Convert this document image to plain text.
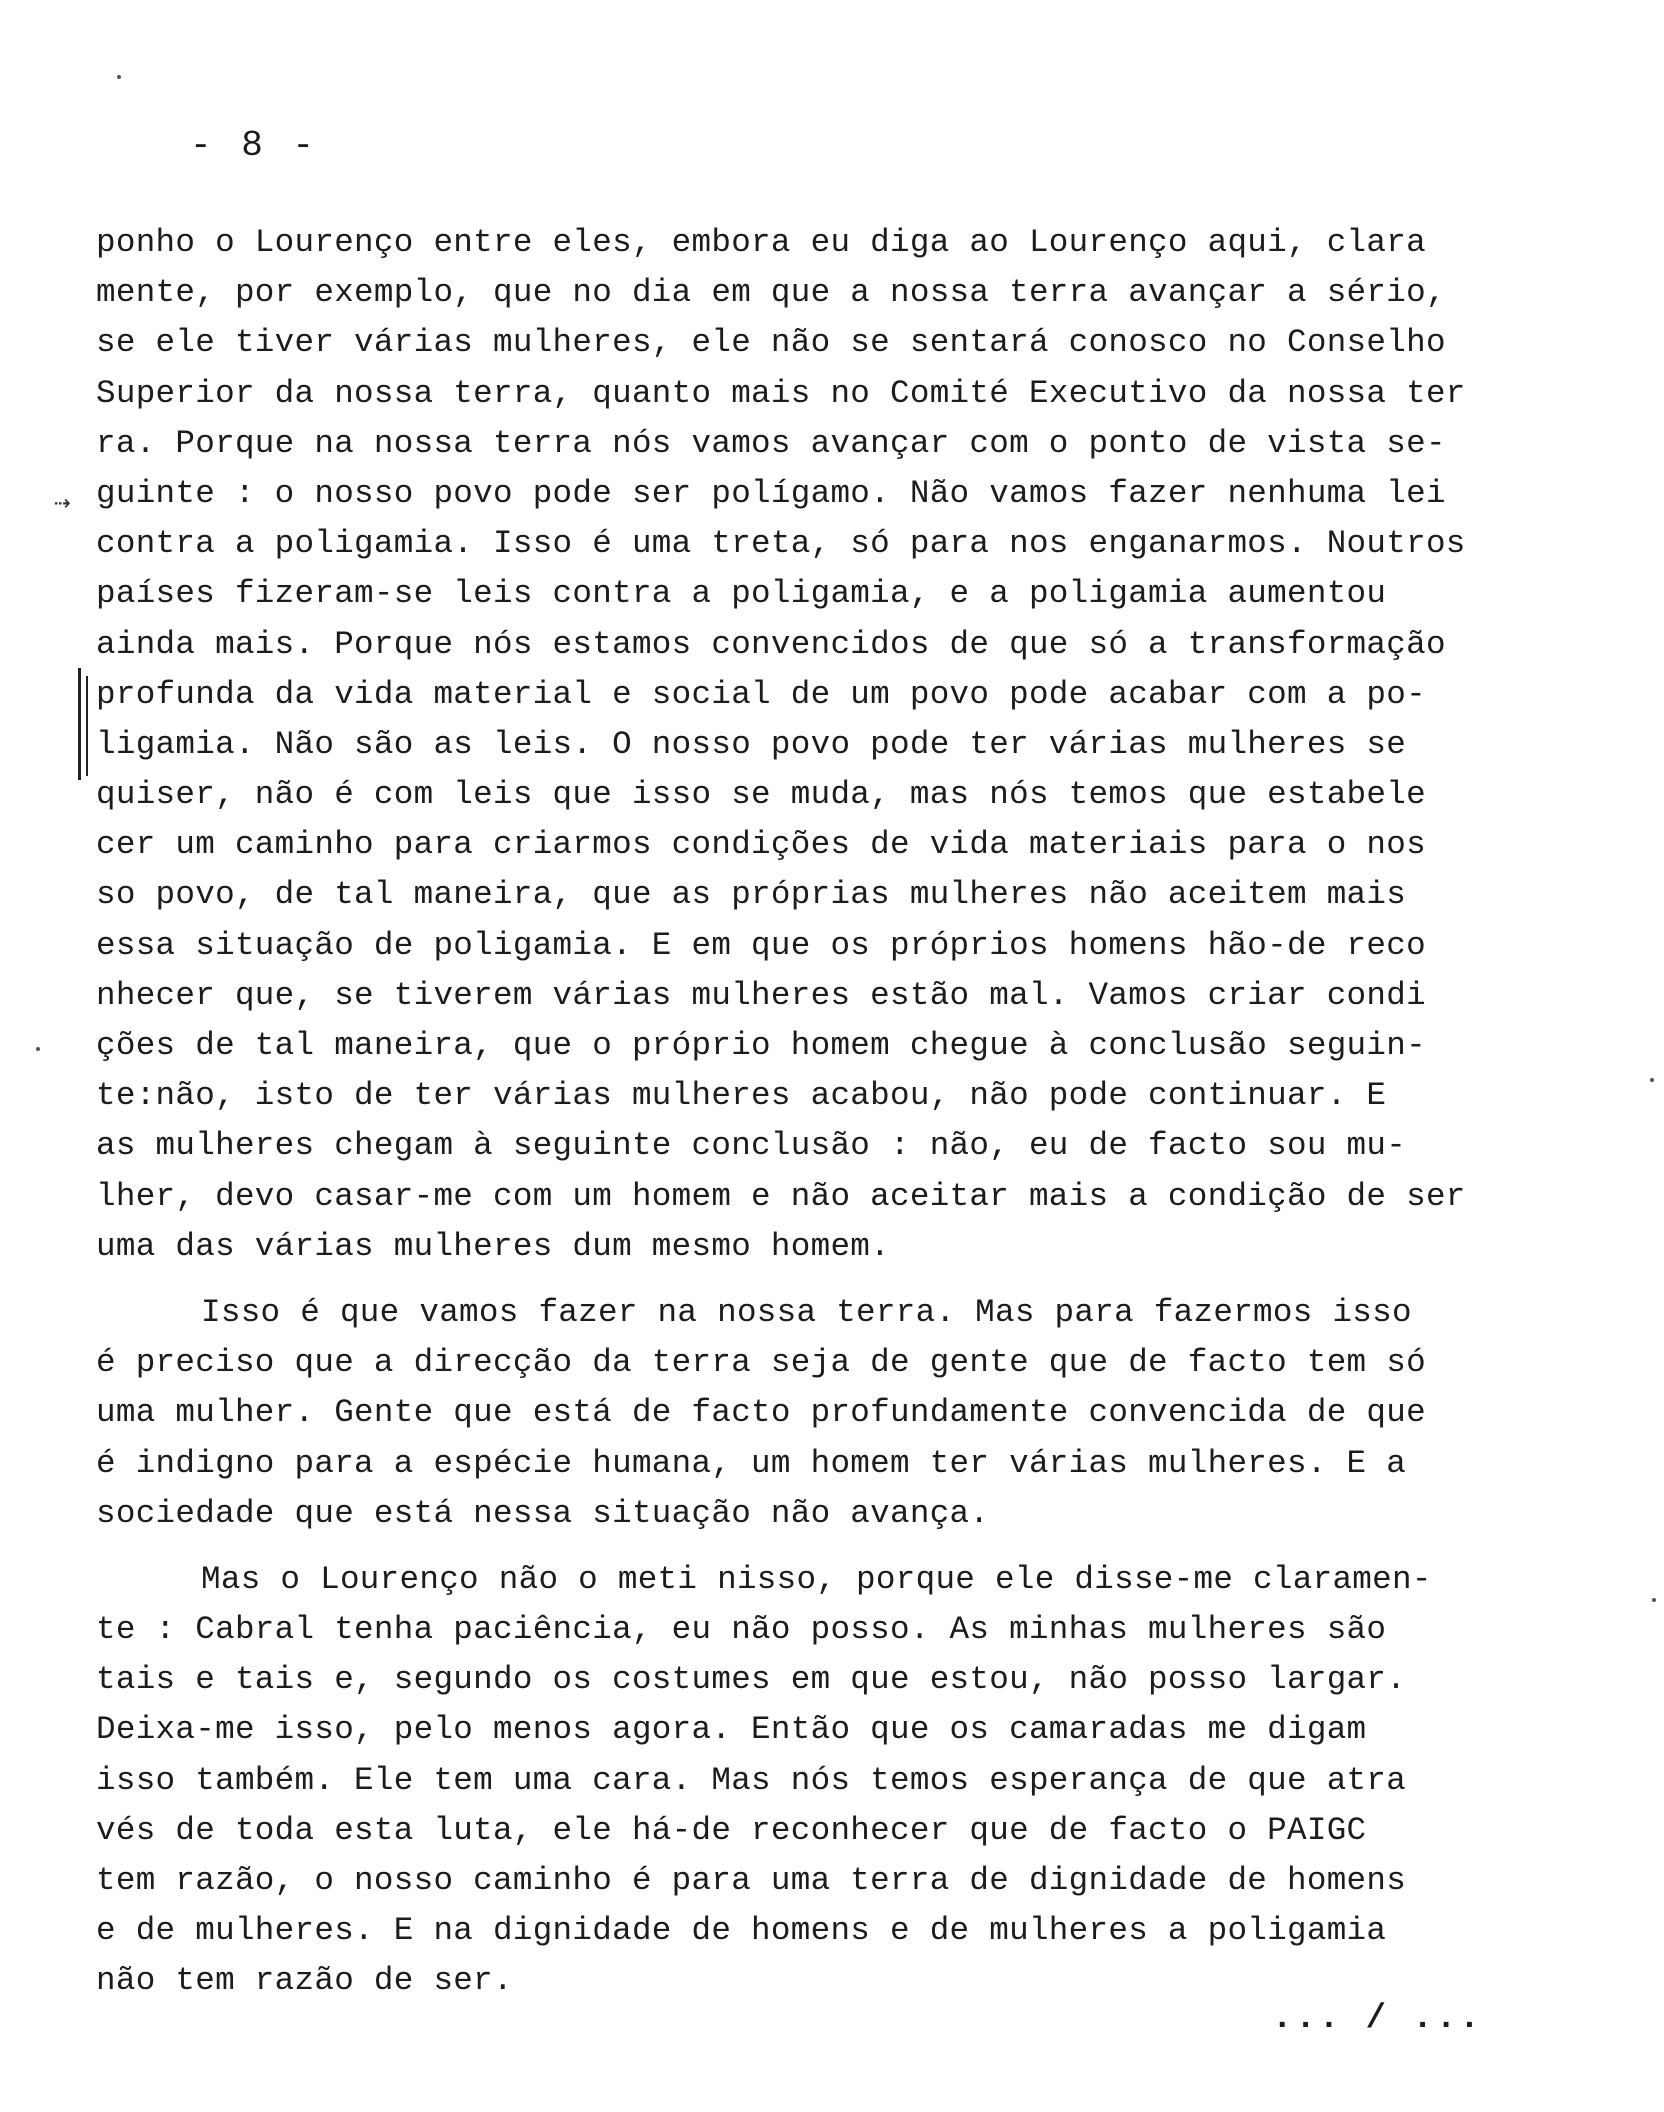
- 8 -
⇢
ponho o Lourenço entre eles, embora eu diga ao Lourenço aqui, clara
mente, por exemplo, que no dia em que a nossa terra avançar a sério,
se ele tiver várias mulheres, ele não se sentará conosco no Conselho
Superior da nossa terra, quanto mais no Comité Executivo da nossa ter
ra. Porque na nossa terra nós vamos avançar com o ponto de vista se-
guinte : o nosso povo pode ser polígamo. Não vamos fazer nenhuma lei
contra a poligamia. Isso é uma treta, só para nos enganarmos. Noutros
países fizeram-se leis contra a poligamia, e a poligamia aumentou
ainda mais. Porque nós estamos convencidos de que só a transformação
profunda da vida material e social de um povo pode acabar com a po-
ligamia. Não são as leis. O nosso povo pode ter várias mulheres se
quiser, não é com leis que isso se muda, mas nós temos que estabele
cer um caminho para criarmos condições de vida materiais para o nos
so povo, de tal maneira, que as próprias mulheres não aceitem mais
essa situação de poligamia. E em que os próprios homens hão-de reco
nhecer que, se tiverem várias mulheres estão mal. Vamos criar condi
ções de tal maneira, que o próprio homem chegue à conclusão seguin-
te:não, isto de ter várias mulheres acabou, não pode continuar. E
as mulheres chegam à seguinte conclusão : não, eu de facto sou mu-
lher, devo casar-me com um homem e não aceitar mais a condição de ser
uma das várias mulheres dum mesmo homem.
Isso é que vamos fazer na nossa terra. Mas para fazermos isso
é preciso que a direcção da terra seja de gente que de facto tem só
uma mulher. Gente que está de facto profundamente convencida de que
é indigno para a espécie humana, um homem ter várias mulheres. E a
sociedade que está nessa situação não avança.
Mas o Lourenço não o meti nisso, porque ele disse-me claramen-
te : Cabral tenha paciência, eu não posso. As minhas mulheres são
tais e tais e, segundo os costumes em que estou, não posso largar.
Deixa-me isso, pelo menos agora. Então que os camaradas me digam
isso também. Ele tem uma cara. Mas nós temos esperança de que atra
vés de toda esta luta, ele há-de reconhecer que de facto o PAIGC
tem razão, o nosso caminho é para uma terra de dignidade de homens
e de mulheres. E na dignidade de homens e de mulheres a poligamia
não tem razão de ser.
... / ...
